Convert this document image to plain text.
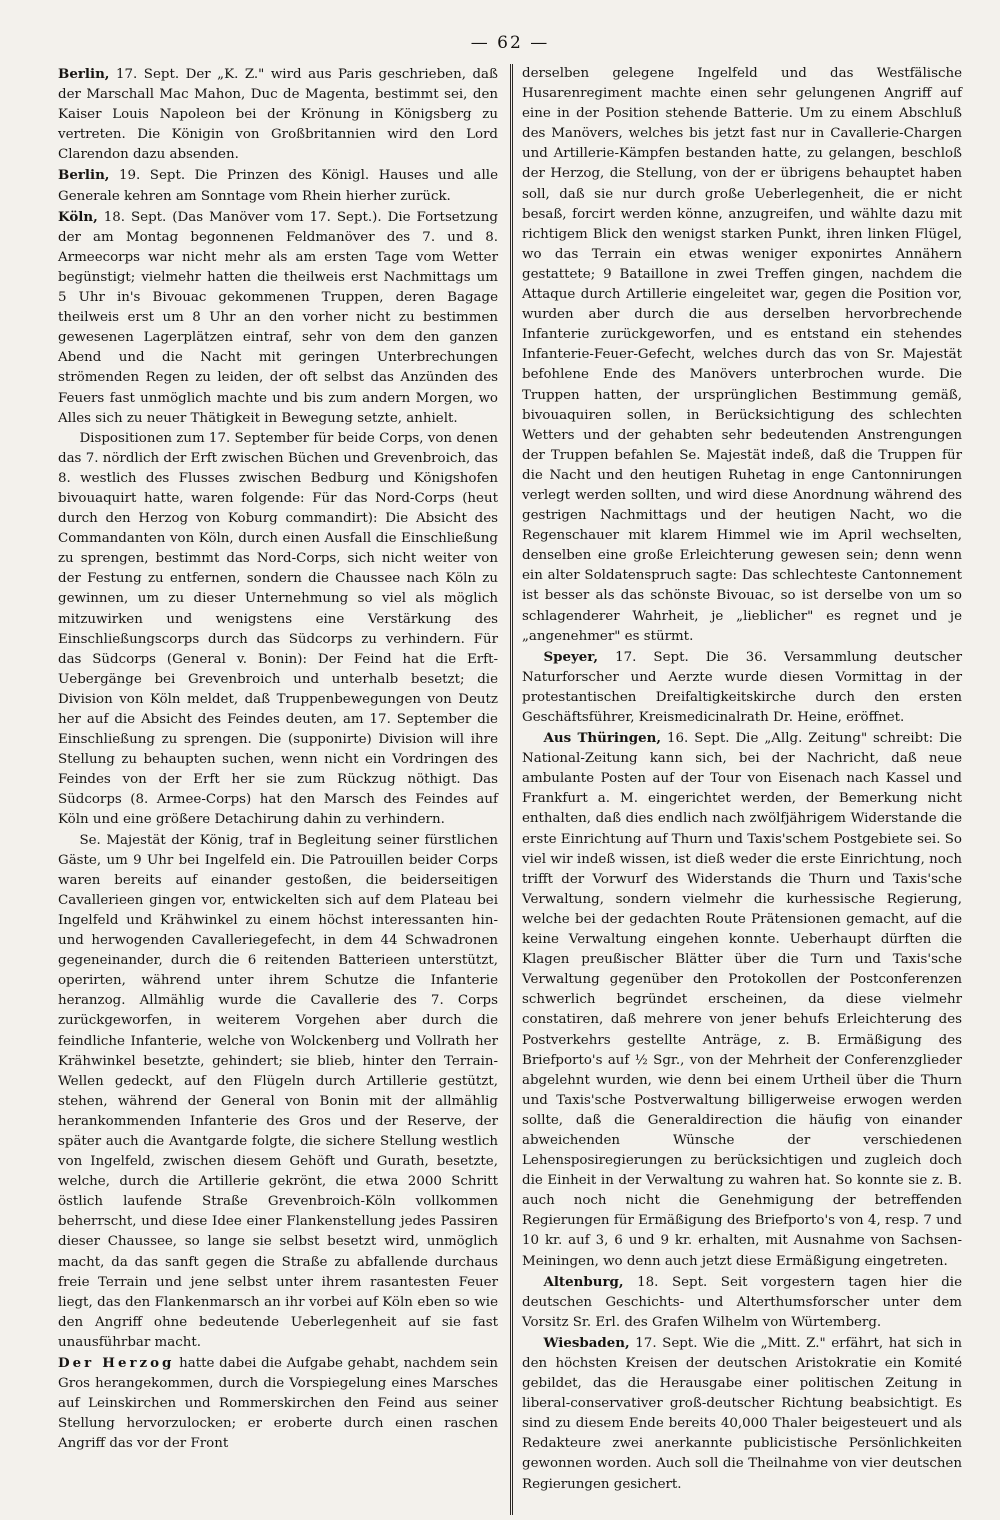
— 62 —

Berlin, 17. Sept. Der „K. Z." wird aus Paris geschrieben, daß der Marschall Mac Mahon, Duc de Magenta, bestimmt sei, den Kaiser Louis Napoleon bei der Krönung in Königsberg zu vertreten. Die Königin von Großbritannien wird den Lord Clarendon dazu absenden.

Berlin, 19. Sept. Die Prinzen des Königl. Hauses und alle Generale kehren am Sonntage vom Rhein hierher zurück.

Köln, 18. Sept. (Das Manöver vom 17. Sept.). Die Fortsetzung der am Montag begonnenen Feldmanöver des 7. und 8. Armeecorps war nicht mehr als am ersten Tage vom Wetter begünstigt; vielmehr hatten die theilweis erst Nachmittags um 5 Uhr in's Bivouac gekommenen Truppen, deren Bagage theilweis erst um 8 Uhr an den vorher nicht zu bestimmen gewesenen Lagerplätzen eintraf, sehr von dem den ganzen Abend und die Nacht mit geringen Unterbrechungen strömenden Regen zu leiden, der oft selbst das Anzünden des Feuers fast unmöglich machte und bis zum andern Morgen, wo Alles sich zu neuer Thätigkeit in Bewegung setzte, anhielt.

Dispositionen zum 17. September für beide Corps, von denen das 7. nördlich der Erft zwischen Büchen und Grevenbroich, das 8. westlich des Flusses zwischen Bedburg und Königshofen bivouaquirt hatte, waren folgende: Für das Nord-Corps (heut durch den Herzog von Koburg commandirt): Die Absicht des Commandanten von Köln, durch einen Ausfall die Einschließung zu sprengen, bestimmt das Nord-Corps, sich nicht weiter von der Festung zu entfernen, sondern die Chaussee nach Köln zu gewinnen, um zu dieser Unternehmung so viel als möglich mitzuwirken und wenigstens eine Verstärkung des Einschließungscorps durch das Südcorps zu verhindern. Für das Südcorps (General v. Bonin): Der Feind hat die Erft-Uebergänge bei Grevenbroich und unterhalb besetzt; die Division von Köln meldet, daß Truppenbewegungen von Deutz her auf die Absicht des Feindes deuten, am 17. September die Einschließung zu sprengen. Die (supponirte) Division will ihre Stellung zu behaupten suchen, wenn nicht ein Vordringen des Feindes von der Erft her sie zum Rückzug nöthigt. Das Südcorps (8. Armee-Corps) hat den Marsch des Feindes auf Köln und eine größere Detachirung dahin zu verhindern.

Se. Majestät der König, traf in Begleitung seiner fürstlichen Gäste, um 9 Uhr bei Ingelfeld ein. Die Patrouillen beider Corps waren bereits auf einander gestoßen, die beiderseitigen Cavallerieen gingen vor, entwickelten sich auf dem Plateau bei Ingelfeld und Krähwinkel zu einem höchst interessanten hin- und herwogenden Cavalleriegefecht, in dem 44 Schwadronen gegeneinander, durch die 6 reitenden Batterieen unterstützt, operirten, während unter ihrem Schutze die Infanterie heranzog. Allmählig wurde die Cavallerie des 7. Corps zurückgeworfen, in weiterem Vorgehen aber durch die feindliche Infanterie, welche von Wolckenberg und Vollrath her Krähwinkel besetzte, gehindert; sie blieb, hinter den Terrain-Wellen gedeckt, auf den Flügeln durch Artillerie gestützt, stehen, während der General von Bonin mit der allmählig herankommenden Infanterie des Gros und der Reserve, der später auch die Avantgarde folgte, die sichere Stellung westlich von Ingelfeld, zwischen diesem Gehöft und Gurath, besetzte, welche, durch die Artillerie gekrönt, die etwa 2000 Schritt östlich laufende Straße Grevenbroich-Köln vollkommen beherrscht, und diese Idee einer Flankenstellung jedes Passiren dieser Chaussee, so lange sie selbst besetzt wird, unmöglich macht, da das sanft gegen die Straße zu abfallende durchaus freie Terrain und jene selbst unter ihrem rasantesten Feuer liegt, das den Flankenmarsch an ihr vorbei auf Köln eben so wie den Angriff ohne bedeutende Ueberlegenheit auf sie fast unausführbar macht.

Der Herzog hatte dabei die Aufgabe gehabt, nachdem sein Gros herangekommen, durch die Vorspiegelung eines Marsches auf Leinskirchen und Rommerskirchen den Feind aus seiner Stellung hervorzulocken; er eroberte durch einen raschen Angriff das vor der Front

derselben gelegene Ingelfeld und das Westfälische Husarenregiment machte einen sehr gelungenen Angriff auf eine in der Position stehende Batterie. Um zu einem Abschluß des Manövers, welches bis jetzt fast nur in Cavallerie-Chargen und Artillerie-Kämpfen bestanden hatte, zu gelangen, beschloß der Herzog, die Stellung, von der er übrigens behauptet haben soll, daß sie nur durch große Ueberlegenheit, die er nicht besaß, forcirt werden könne, anzugreifen, und wählte dazu mit richtigem Blick den wenigst starken Punkt, ihren linken Flügel, wo das Terrain ein etwas weniger exponirtes Annähern gestattete; 9 Bataillone in zwei Treffen gingen, nachdem die Attaque durch Artillerie eingeleitet war, gegen die Position vor, wurden aber durch die aus derselben hervorbrechende Infanterie zurückgeworfen, und es entstand ein stehendes Infanterie-Feuer-Gefecht, welches durch das von Sr. Majestät befohlene Ende des Manövers unterbrochen wurde. Die Truppen hatten, der ursprünglichen Bestimmung gemäß, bivouaquiren sollen, in Berücksichtigung des schlechten Wetters und der gehabten sehr bedeutenden Anstrengungen der Truppen befahlen Se. Majestät indeß, daß die Truppen für die Nacht und den heutigen Ruhetag in enge Cantonnirungen verlegt werden sollten, und wird diese Anordnung während des gestrigen Nachmittags und der heutigen Nacht, wo die Regenschauer mit klarem Himmel wie im April wechselten, denselben eine große Erleichterung gewesen sein; denn wenn ein alter Soldatenspruch sagte: Das schlechteste Cantonnement ist besser als das schönste Bivouac, so ist derselbe von um so schlagenderer Wahrheit, je „lieblicher" es regnet und je „angenehmer" es stürmt.

Speyer, 17. Sept. Die 36. Versammlung deutscher Naturforscher und Aerzte wurde diesen Vormittag in der protestantischen Dreifaltigkeitskirche durch den ersten Geschäftsführer, Kreismedicinalrath Dr. Heine, eröffnet.

Aus Thüringen, 16. Sept. Die „Allg. Zeitung" schreibt: Die National-Zeitung kann sich, bei der Nachricht, daß neue ambulante Posten auf der Tour von Eisenach nach Kassel und Frankfurt a. M. eingerichtet werden, der Bemerkung nicht enthalten, daß dies endlich nach zwölfjährigem Widerstande die erste Einrichtung auf Thurn und Taxis'schem Postgebiete sei. So viel wir indeß wissen, ist dieß weder die erste Einrichtung, noch trifft der Vorwurf des Widerstands die Thurn und Taxis'sche Verwaltung, sondern vielmehr die kurhessische Regierung, welche bei der gedachten Route Prätensionen gemacht, auf die keine Verwaltung eingehen konnte. Ueberhaupt dürften die Klagen preußischer Blätter über die Turn und Taxis'sche Verwaltung gegenüber den Protokollen der Postconferenzen schwerlich begründet erscheinen, da diese vielmehr constatiren, daß mehrere von jener behufs Erleichterung des Postverkehrs gestellte Anträge, z. B. Ermäßigung des Briefporto's auf ½ Sgr., von der Mehrheit der Conferenzglieder abgelehnt wurden, wie denn bei einem Urtheil über die Thurn und Taxis'sche Postverwaltung billigerweise erwogen werden sollte, daß die Generaldirection die häufig von einander abweichenden Wünsche der verschiedenen Lehensposiregierungen zu berücksichtigen und zugleich doch die Einheit in der Verwaltung zu wahren hat. So konnte sie z. B. auch noch nicht die Genehmigung der betreffenden Regierungen für Ermäßigung des Briefporto's von 4, resp. 7 und 10 kr. auf 3, 6 und 9 kr. erhalten, mit Ausnahme von Sachsen-Meiningen, wo denn auch jetzt diese Ermäßigung eingetreten.

Altenburg, 18. Sept. Seit vorgestern tagen hier die deutschen Geschichts- und Alterthumsforscher unter dem Vorsitz Sr. Erl. des Grafen Wilhelm von Würtemberg.

Wiesbaden, 17. Sept. Wie die „Mitt. Z." erfährt, hat sich in den höchsten Kreisen der deutschen Aristokratie ein Komité gebildet, das die Herausgabe einer politischen Zeitung in liberal-conservativer groß-deutscher Richtung beabsichtigt. Es sind zu diesem Ende bereits 40,000 Thaler beigesteuert und als Redakteure zwei anerkannte publicistische Persönlichkeiten gewonnen worden. Auch soll die Theilnahme von vier deutschen Regierungen gesichert.
